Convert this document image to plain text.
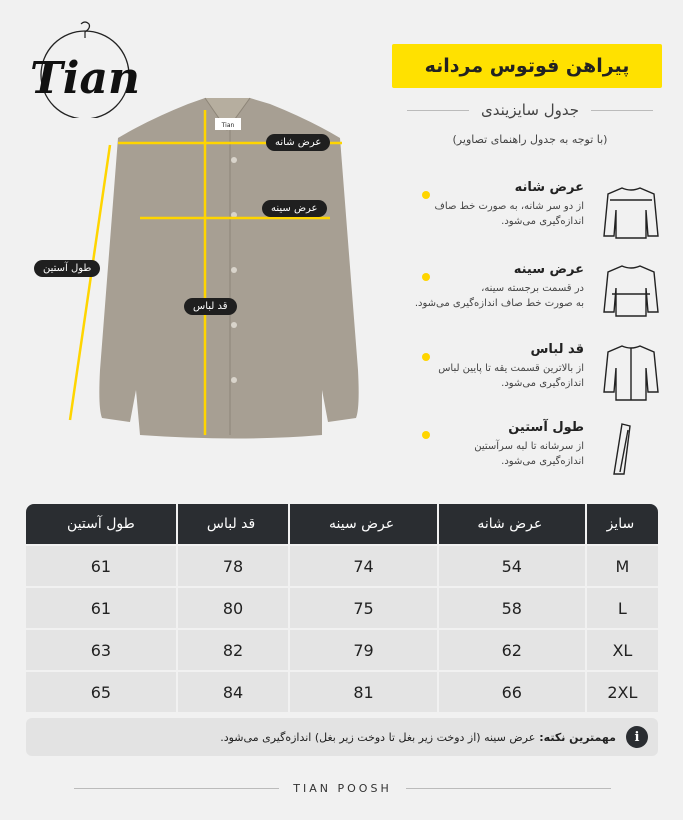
Tian	پیراهن فوتوس مردانه
جدول سایزیندی
(با توجه به جدول راهنمای تصاویر)
Tian
عرض شانه
عرض سینه
قد لباس
طول آستین
عرض شانه
از دو سر شانه، به صورت خط صاف
اندازه‌گیری می‌شود.
عرض سینه
در قسمت برجسته سینه،
به صورت خط صاف اندازه‌گیری می‌شود.
قد لباس
از بالاترین قسمت یقه تا پایین لباس
اندازه‌گیری می‌شود.
طول آستین
از سرشانه تا لبه سرآستین
اندازه‌گیری می‌شود.
طول آستین	قد لباس	عرض سینه	عرض شانه	سایز
61	78	74	54	M
61	80	75	58	L
63	82	79	62	XL
65	84	81	66	2XL
i
مهمترین نکته:
عرض سینه (از دوخت زیر بغل تا دوخت زیر بغل) اندازه‌گیری می‌شود.
TIAN POOSH
